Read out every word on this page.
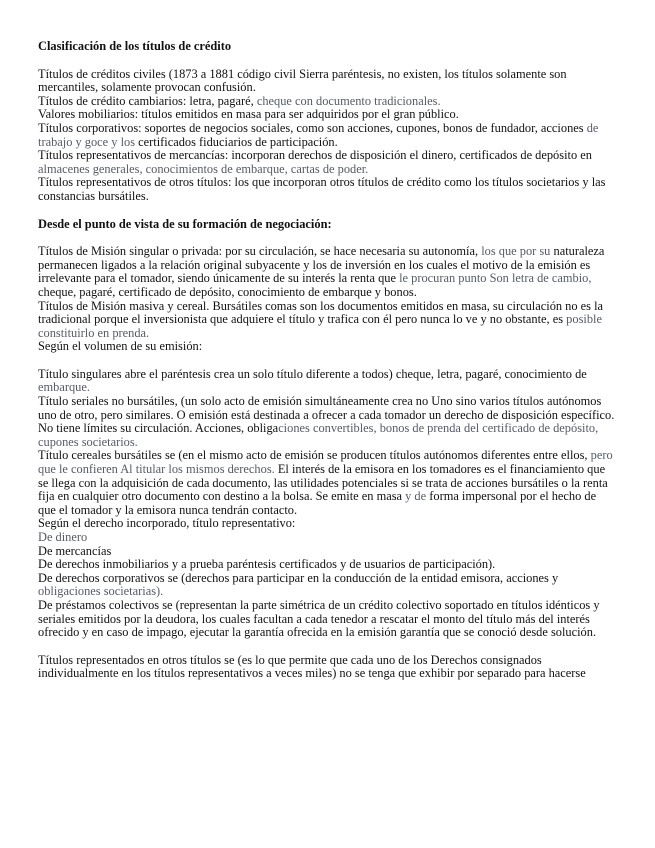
Clasificación de los títulos de crédito

Títulos de créditos civiles (1873 a 1881 código civil Sierra paréntesis, no existen, los títulos solamente son mercantiles, solamente provocan confusión.

Títulos de crédito cambiarios: letra, pagaré, cheque con documento tradicionales.

Valores mobiliarios: títulos emitidos en masa para ser adquiridos por el gran público.

Títulos corporativos: soportes de negocios sociales, como son acciones, cupones, bonos de fundador, acciones de trabajo y goce y los certificados fiduciarios de participación.

Títulos representativos de mercancías: incorporan derechos de disposición el dinero, certificados de depósito en almacenes generales, conocimientos de embarque, cartas de poder.

Títulos representativos de otros títulos: los que incorporan otros títulos de crédito como los títulos societarios y las constancias bursátiles.

Desde el punto de vista de su formación de negociación:

Títulos de Misión singular o privada: por su circulación, se hace necesaria su autonomía, los que por su naturaleza permanecen ligados a la relación original subyacente y los de inversión en los cuales el motivo de la emisión es irrelevante para el tomador, siendo únicamente de su interés la renta que le procuran punto Son letra de cambio, cheque, pagaré, certificado de depósito, conocimiento de embarque y bonos.

Títulos de Misión masiva y cereal. Bursátiles comas son los documentos emitidos en masa, su circulación no es la tradicional porque el inversionista que adquiere el título y trafica con él pero nunca lo ve y no obstante, es posible constituirlo en prenda.

Según el volumen de su emisión:

Título singulares abre el paréntesis crea un solo título diferente a todos) cheque, letra, pagaré, conocimiento de embarque.

Título seriales no bursátiles, (un solo acto de emisión simultáneamente crea no Uno sino varios títulos autónomos uno de otro, pero similares. O emisión está destinada a ofrecer a cada tomador un derecho de disposición específico. No tiene límites su circulación. Acciones, obligaciones convertibles, bonos de prenda del certificado de depósito, cupones societarios.

Título cereales bursátiles se (en el mismo acto de emisión se producen títulos autónomos diferentes entre ellos, pero que le confieren Al titular los mismos derechos. El interés de la emisora en los tomadores es el financiamiento que se llega con la adquisición de cada documento, las utilidades potenciales si se trata de acciones bursátiles o la renta fija en cualquier otro documento con destino a la bolsa. Se emite en masa y de forma impersonal por el hecho de que el tomador y la emisora nunca tendrán contacto.

Según el derecho incorporado, título representativo:

De dinero

De mercancías

De derechos inmobiliarios y a prueba paréntesis certificados y de usuarios de participación).

De derechos corporativos se (derechos para participar en la conducción de la entidad emisora, acciones y obligaciones societarias).

De préstamos colectivos se (representan la parte simétrica de un crédito colectivo soportado en títulos idénticos y seriales emitidos por la deudora, los cuales facultan a cada tenedor a rescatar el monto del título más del interés ofrecido y en caso de impago, ejecutar la garantía ofrecida en la emisión garantía que se conoció desde solución.

Títulos representados en otros títulos se (es lo que permite que cada uno de los Derechos consignados individualmente en los títulos representativos a veces miles) no se tenga que exhibir por separado para hacerse
